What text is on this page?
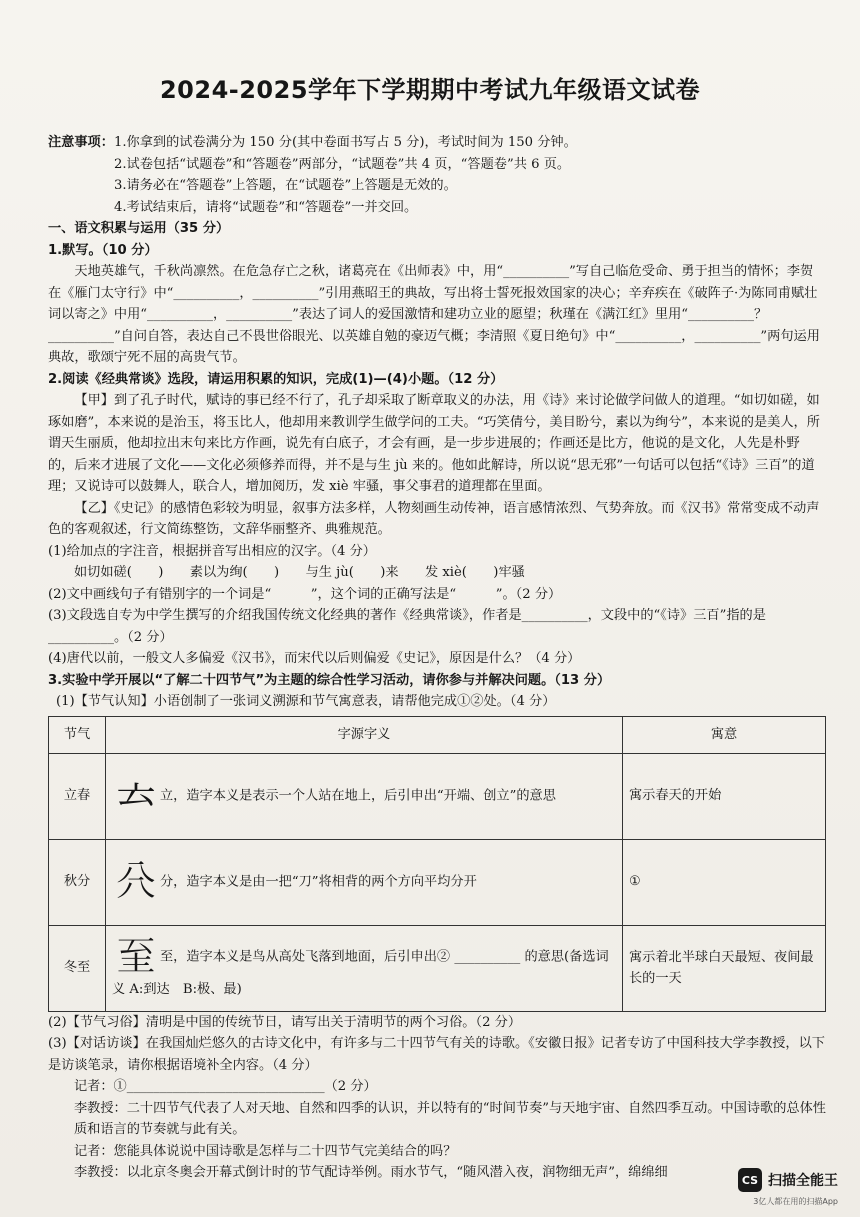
2024-2025学年下学期期中考试九年级语文试卷
注意事项： 1.你拿到的试卷满分为 150 分(其中卷面书写占 5 分)，考试时间为 150 分钟。
2.试卷包括“试题卷”和“答题卷”两部分，“试题卷”共 4 页，“答题卷”共 6 页。
3.请务必在“答题卷”上答题，在“试题卷”上答题是无效的。
4.考试结束后，请将“试题卷”和“答题卷”一并交回。

一、语文积累与运用（35 分）

1.默写。（10 分）

天地英雄气，千秋尚凛然。在危急存亡之秋，诸葛亮在《出师表》中，用“__________”写自己临危受命、勇于担当的情怀；李贺在《雁门太守行》中“__________，__________”引用燕昭王的典故，写出将士誓死报效国家的决心；辛弃疾在《破阵子·为陈同甫赋壮词以寄之》中用“__________，__________”表达了词人的爱国激情和建功立业的愿望；秋瑾在《满江红》里用“__________？__________”自问自答，表达自己不畏世俗眼光、以英雄自勉的豪迈气概；李清照《夏日绝句》中“__________，__________”两句运用典故，歌颂宁死不屈的高贵气节。

2.阅读《经典常谈》选段，请运用积累的知识，完成(1)—(4)小题。（12 分）

【甲】到了孔子时代，赋诗的事已经不行了，孔子却采取了断章取义的办法，用《诗》来讨论做学问做人的道理。“如切如磋，如琢如磨”，本来说的是治玉，将玉比人，他却用来教训学生做学问的工夫。“巧笑倩兮，美目盼兮，素以为绚兮”，本来说的是美人，所谓天生丽质，他却拉出末句来比方作画，说先有白底子，才会有画，是一步步进展的；作画还是比方，他说的是文化，人先是朴野的，后来才进展了文化——文化必须修养而得，并不是与生 jù 来的。他如此解诗，所以说“思无邪”一句话可以包括“《诗》三百”的道理；又说诗可以鼓舞人，联合人，增加阅历，发 xiè 牢骚，事父事君的道理都在里面。

【乙】《史记》的感情色彩较为明显，叙事方法多样，人物刻画生动传神，语言感情浓烈、气势奔放。而《汉书》常常变成不动声色的客观叙述，行文简练整饬，文辞华丽整齐、典雅规范。

(1)给加点的字注音，根据拼音写出相应的汉字。（4 分）

如切如磋(　　)　　素以为绚(　　)　　与生 jù(　　)来　　发 xiè(　　)牢骚

(2)文中画线句子有错别字的一个词是“　　　”，这个词的正确写法是“　　　”。（2 分）

(3)文段选自专为中学生撰写的介绍我国传统文化经典的著作《经典常谈》，作者是__________，文段中的“《诗》三百”指的是__________。（2 分）

(4)唐代以前，一般文人多偏爱《汉书》，而宋代以后则偏爱《史记》，原因是什么？（4 分）

3.实验中学开展以“了解二十四节气”为主题的综合性学习活动，请你参与并解决问题。（13 分）

(1)【节气认知】小语创制了一张词义溯源和节气寓意表，请帮他完成①②处。（4 分）

节气	字源字义	寓意
立春	𠫓 立，造字本义是表示一个人站在地上，后引申出“开端、创立”的意思	寓示春天的开始
秋分	𠔁 分，造字本义是由一把“刀”将相背的两个方向平均分开	①
冬至	𦤳 至，造字本义是鸟从高处飞落到地面，后引申出② __________ 的意思(备选词义 A:到达　B:极、最)	寓示着北半球白天最短、夜间最长的一天

(2)【节气习俗】清明是中国的传统节日，请写出关于清明节的两个习俗。（2 分）

(3)【对话访谈】在我国灿烂悠久的古诗文化中，有许多与二十四节气有关的诗歌。《安徽日报》记者专访了中国科技大学李教授，以下是访谈笔录，请你根据语境补全内容。（4 分）

记者：①______________________________（2 分）

李教授：二十四节气代表了人对天地、自然和四季的认识，并以特有的“时间节奏”与天地宇宙、自然四季互动。中国诗歌的总体性质和语言的节奏就与此有关。

记者：您能具体说说中国诗歌是怎样与二十四节气完美结合的吗？

李教授：以北京冬奥会开幕式倒计时的节气配诗举例。雨水节气，“随风潜入夜，润物细无声”，绵绵细	CS 扫描全能王
3亿人都在用的扫描App
